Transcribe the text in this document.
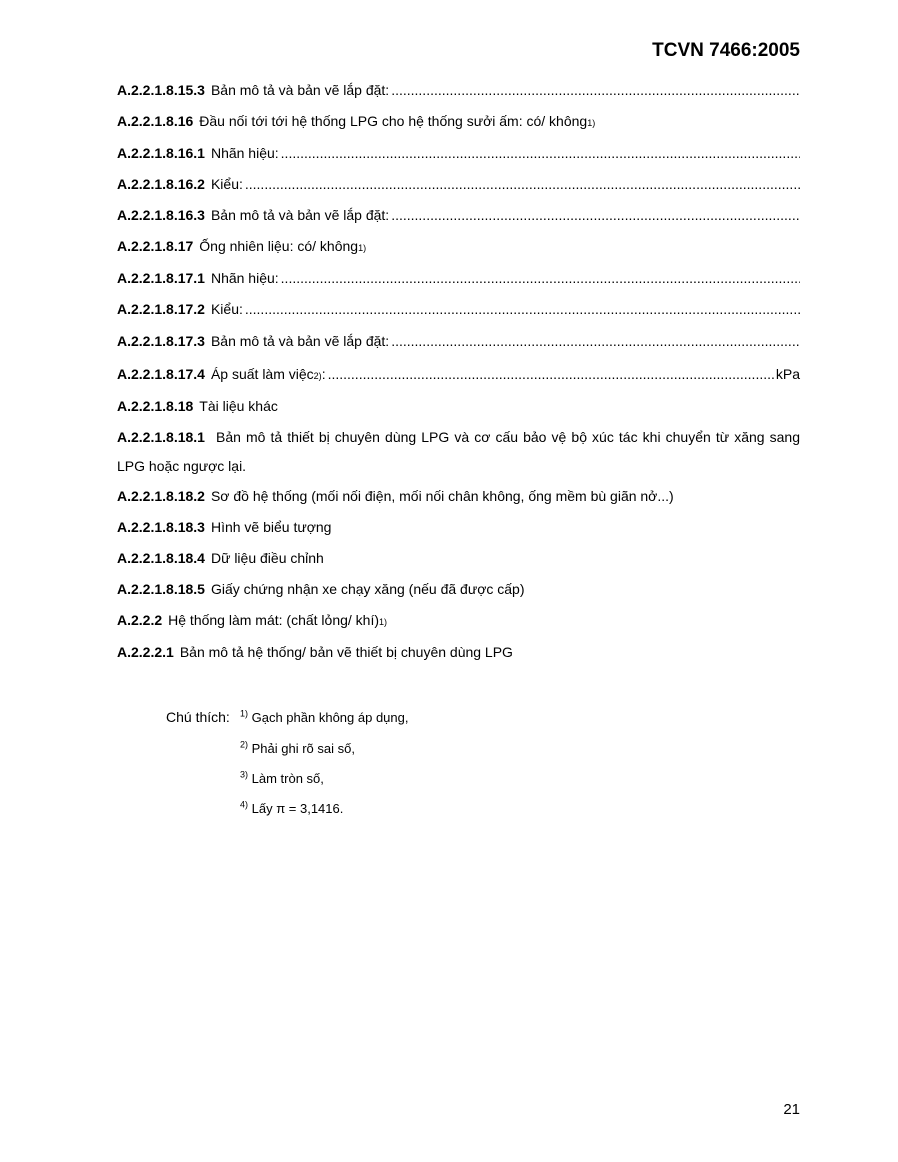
TCVN 7466:2005
A.2.2.1.8.15.3 Bản mô tả và bản vẽ lắp đặt:
.....
A.2.2.1.8.16 Đầu nối tới tới hệ thống LPG cho hệ thống sưởi ấm: có/ không 1)
A.2.2.1.8.16.1 Nhãn hiệu:
.....
A.2.2.1.8.16.2 Kiểu:
.....
A.2.2.1.8.16.3 Bản mô tả và bản vẽ lắp đặt:
.....
A.2.2.1.8.17 Ống nhiên liệu: có/ không 1)
A.2.2.1.8.17.1 Nhãn hiệu:
.....
A.2.2.1.8.17.2 Kiểu:
.....
A.2.2.1.8.17.3 Bản mô tả và bản vẽ lắp đặt:
.....
A.2.2.1.8.17.4 Áp suất làm việc 2) :
.....	kPa
A.2.2.1.8.18 Tài liệu khác
A.2.2.1.8.18.1 Bản mô tả thiết bị chuyên dùng LPG và cơ cấu bảo vệ bộ xúc tác khi chuyển từ xăng sang LPG hoặc ngược lại.
A.2.2.1.8.18.2 Sơ đồ hệ thống (mối nối điện, mối nối chân không, ống mềm bù giãn nở...)
A.2.2.1.8.18.3 Hình vẽ biểu tượng
A.2.2.1.8.18.4 Dữ liệu điều chỉnh
A.2.2.1.8.18.5 Giấy chứng nhận xe chạy xăng (nếu đã được cấp)
A.2.2.2 Hệ thống làm mát: (chất lỏng/ khí) 1)
A.2.2.2.1 Bản mô tả hệ thống/ bản vẽ thiết bị chuyên dùng LPG
Chú thích: $^{1)}$ Gạch phần không áp dụng,
$^{2)}$ Phải ghi rõ sai số,
$^{3)}$ Làm tròn số,
$^{4)}$ Lấy π = 3,1416.
21
